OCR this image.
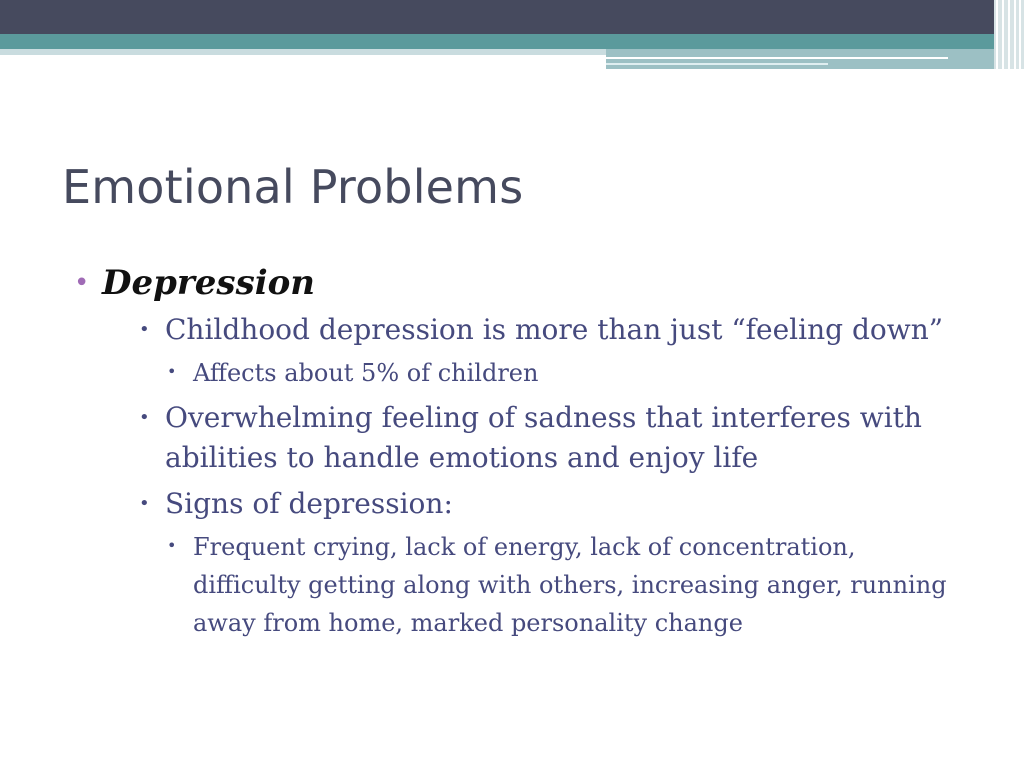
Emotional Problems
• Depression
• Childhood depression is more than just “feeling down”
• Affects about 5% of children
• Overwhelming feeling of sadness that interferes with abilities to handle emotions and enjoy life
• Signs of depression:
• Frequent crying, lack of energy, lack of concentration, difficulty getting along with others, increasing anger, running away from home, marked personality change
